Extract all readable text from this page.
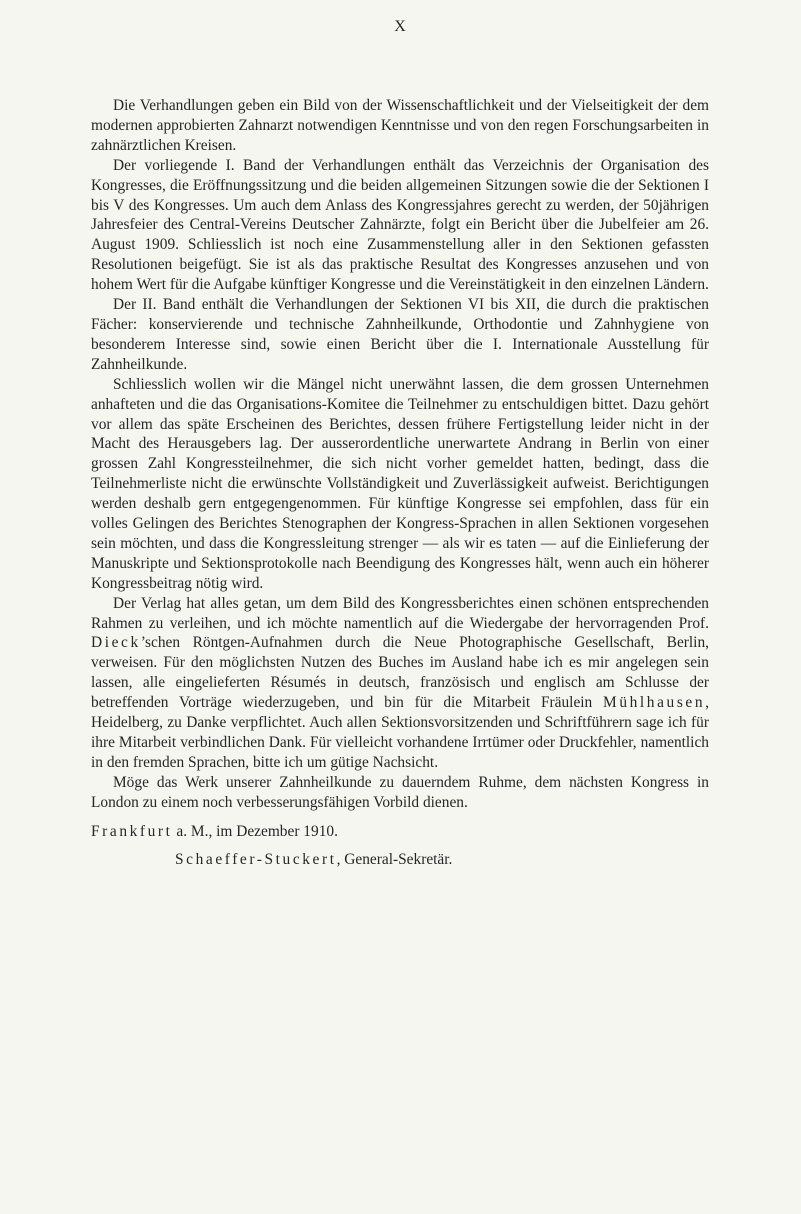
X

Die Verhandlungen geben ein Bild von der Wissenschaftlichkeit und der Vielseitigkeit der dem modernen approbierten Zahnarzt notwendigen Kenntnisse und von den regen Forschungsarbeiten in zahnärztlichen Kreisen.

Der vorliegende I. Band der Verhandlungen enthält das Verzeichnis der Organisation des Kongresses, die Eröffnungssitzung und die beiden allgemeinen Sitzungen sowie die der Sektionen I bis V des Kongresses. Um auch dem Anlass des Kongressjahres gerecht zu werden, der 50jährigen Jahresfeier des Central-Vereins Deutscher Zahnärzte, folgt ein Bericht über die Jubelfeier am 26. August 1909. Schliesslich ist noch eine Zusammenstellung aller in den Sektionen gefassten Resolutionen beigefügt. Sie ist als das praktische Resultat des Kongresses anzusehen und von hohem Wert für die Aufgabe künftiger Kongresse und die Vereinstätigkeit in den einzelnen Ländern.

Der II. Band enthält die Verhandlungen der Sektionen VI bis XII, die durch die praktischen Fächer: konservierende und technische Zahnheilkunde, Orthodontie und Zahnhygiene von besonderem Interesse sind, sowie einen Bericht über die I. Internationale Ausstellung für Zahnheilkunde.

Schliesslich wollen wir die Mängel nicht unerwähnt lassen, die dem grossen Unternehmen anhafteten und die das Organisations-Komitee die Teilnehmer zu entschuldigen bittet. Dazu gehört vor allem das späte Erscheinen des Berichtes, dessen frühere Fertigstellung leider nicht in der Macht des Herausgebers lag. Der ausserordentliche unerwartete Andrang in Berlin von einer grossen Zahl Kongressteilnehmer, die sich nicht vorher gemeldet hatten, bedingt, dass die Teilnehmerliste nicht die erwünschte Vollständigkeit und Zuverlässigkeit aufweist. Berichtigungen werden deshalb gern entgegengenommen. Für künftige Kongresse sei empfohlen, dass für ein volles Gelingen des Berichtes Stenographen der Kongress-Sprachen in allen Sektionen vorgesehen sein möchten, und dass die Kongressleitung strenger — als wir es taten — auf die Einlieferung der Manuskripte und Sektionsprotokolle nach Beendigung des Kongresses hält, wenn auch ein höherer Kongressbeitrag nötig wird.

Der Verlag hat alles getan, um dem Bild des Kongressberichtes einen schönen entsprechenden Rahmen zu verleihen, und ich möchte namentlich auf die Wiedergabe der hervorragenden Prof. Dieck’schen Röntgen-Aufnahmen durch die Neue Photographische Gesellschaft, Berlin, verweisen. Für den möglichsten Nutzen des Buches im Ausland habe ich es mir angelegen sein lassen, alle eingelieferten Résumés in deutsch, französisch und englisch am Schlusse der betreffenden Vorträge wiederzugeben, und bin für die Mitarbeit Fräulein Mühlhausen, Heidelberg, zu Danke verpflichtet. Auch allen Sektionsvorsitzenden und Schriftführern sage ich für ihre Mitarbeit verbindlichen Dank. Für vielleicht vorhandene Irrtümer oder Druckfehler, namentlich in den fremden Sprachen, bitte ich um gütige Nachsicht.

Möge das Werk unserer Zahnheilkunde zu dauerndem Ruhme, dem nächsten Kongress in London zu einem noch verbesserungsfähigen Vorbild dienen.

Frankfurt a. M., im Dezember 1910.

Schaeffer-Stuckert, General-Sekretär.
